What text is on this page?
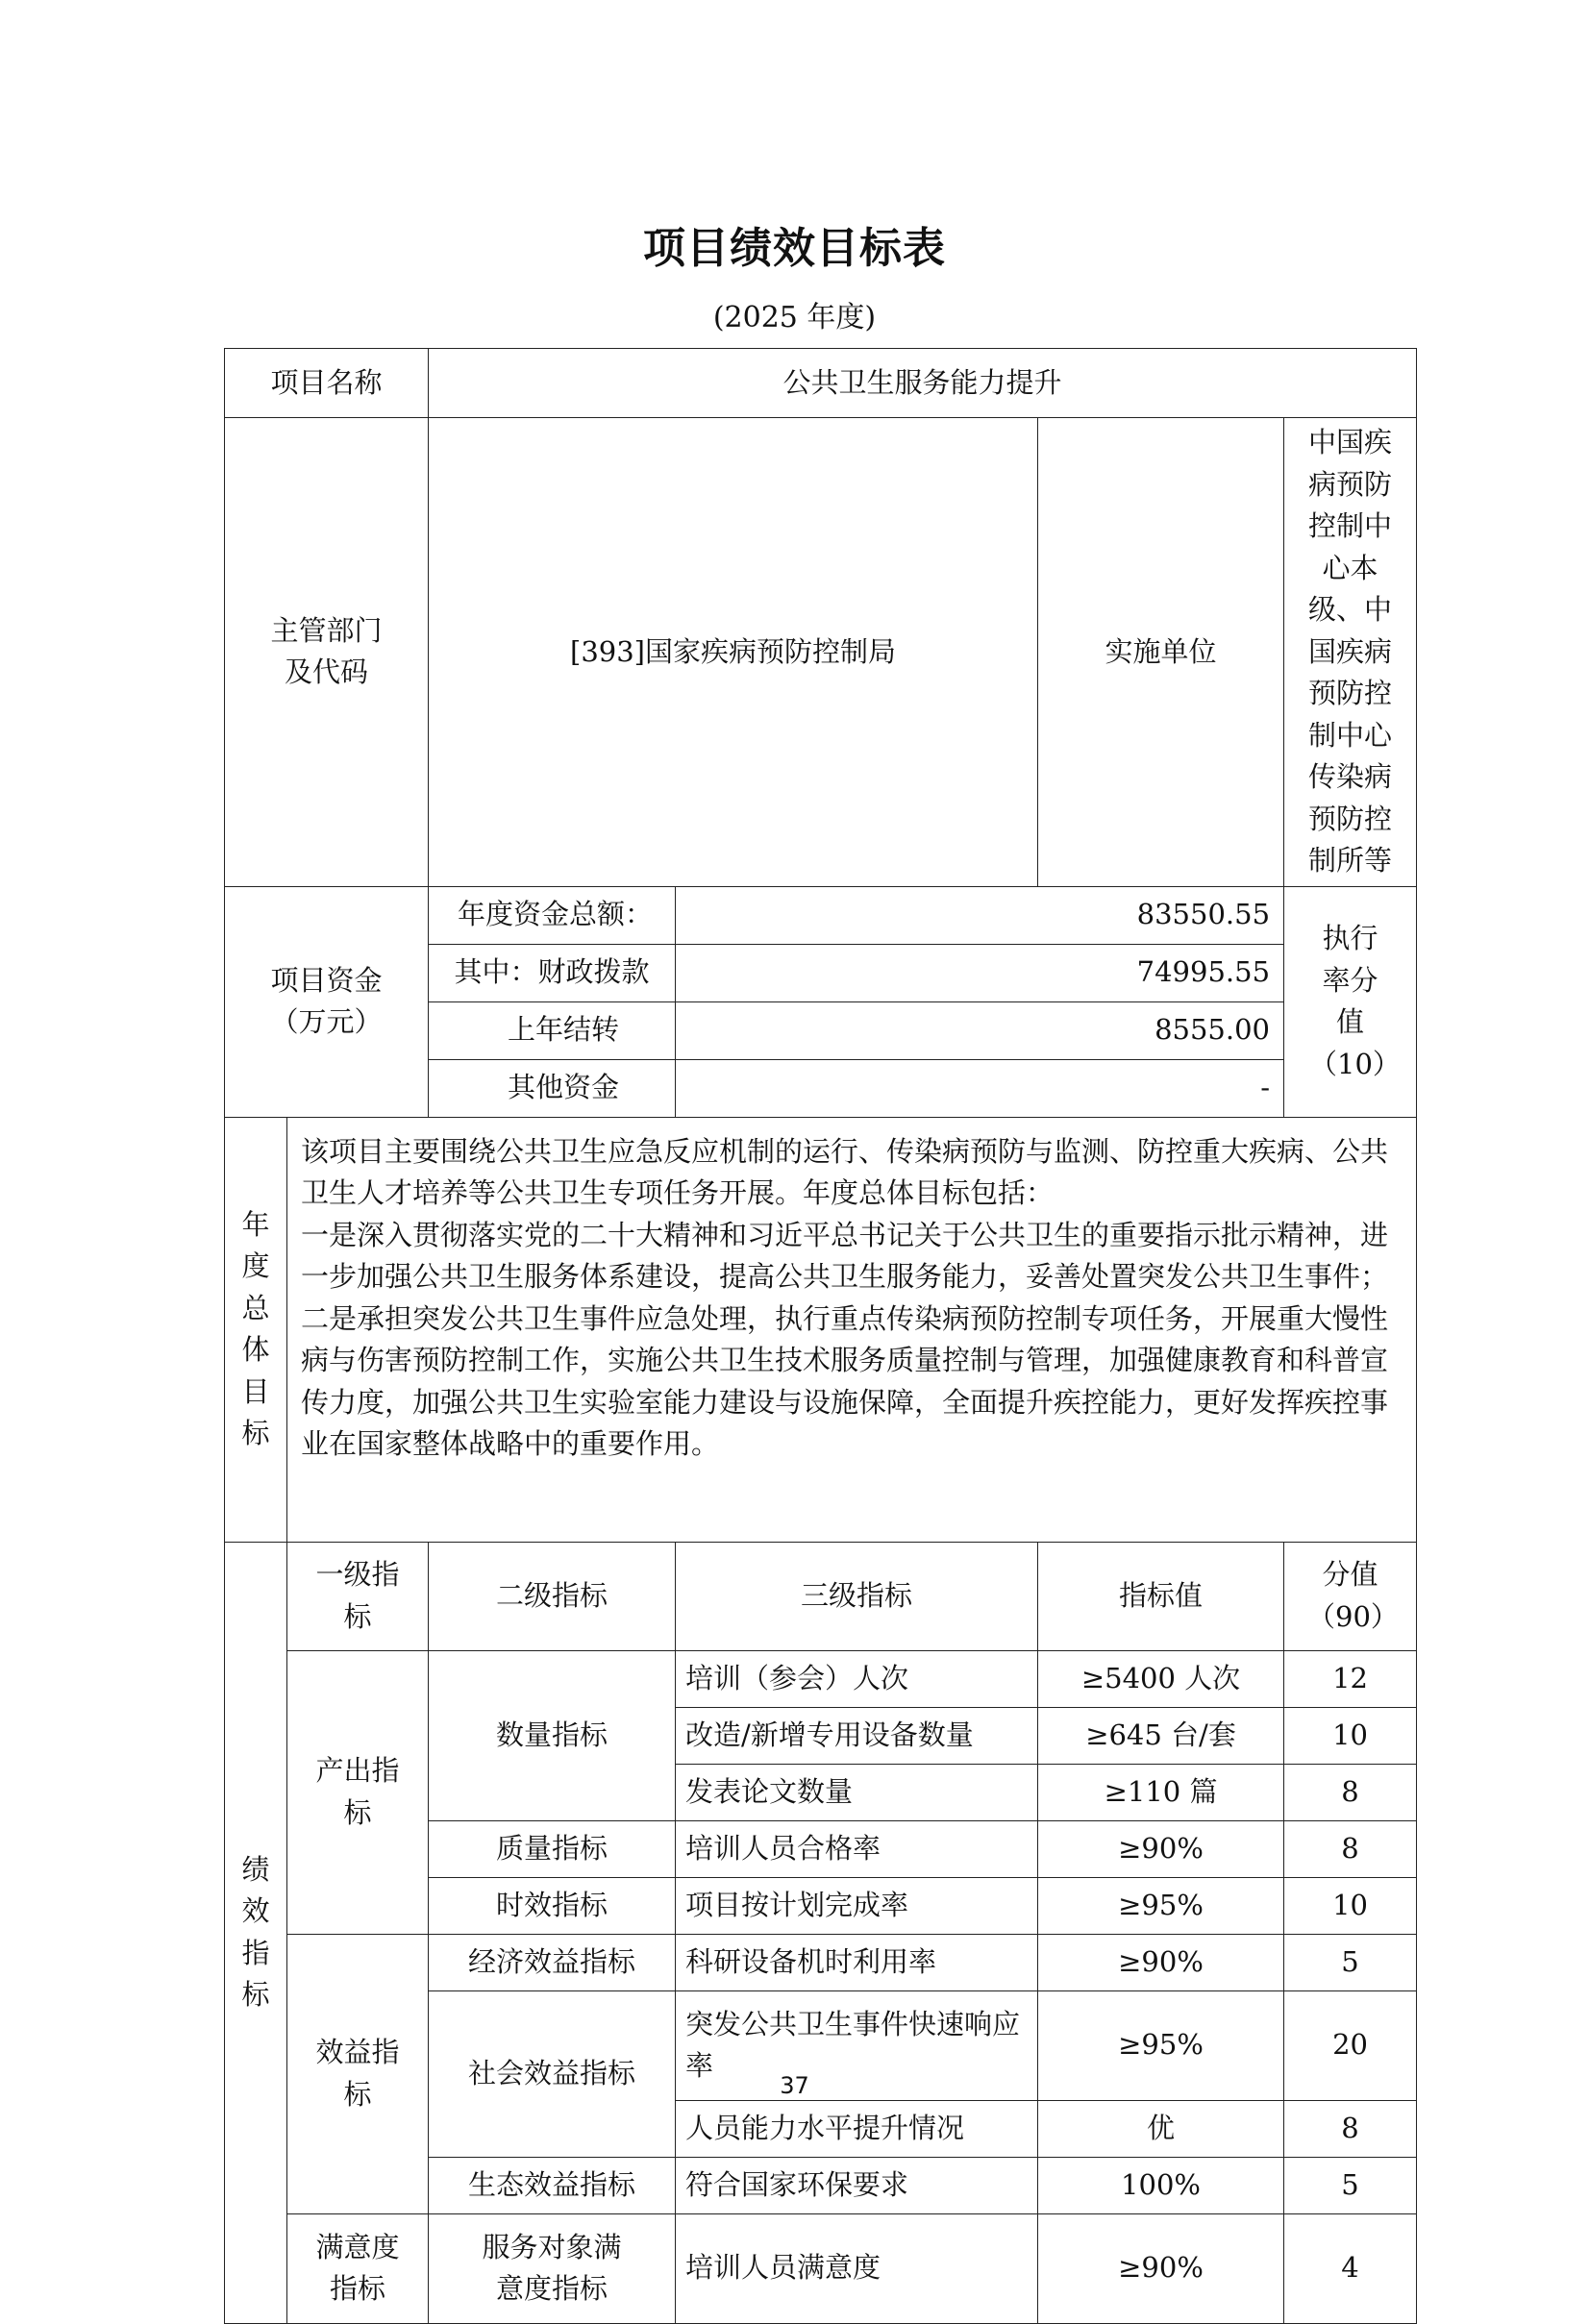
项目绩效目标表
(2025 年度)
项目名称		公共卫生服务能力提升			
主管部门及代码		[393]国家疾病预防控制局		实施单位	中国疾病预防控制中心本级、中国疾病预防控制中心传染病预防控制所等
项目资金（万元）		年度资金总额：	83550.55		执行率分值（10）
		其中：财政拨款	74995.55		
		上年结转	8555.00		
		其他资金	-		
年度总体目标	该项目主要围绕公共卫生应急反应机制的运行、传染病预防与监测、防控重大疾病、公共卫生人才培养等公共卫生专项任务开展。年度总体目标包括：

一是深入贯彻落实党的二十大精神和习近平总书记关于公共卫生的重要指示批示精神，进一步加强公共卫生服务体系建设，提高公共卫生服务能力，妥善处置突发公共卫生事件；

二是承担突发公共卫生事件应急处理，执行重点传染病预防控制专项任务，开展重大慢性病与伤害预防控制工作，实施公共卫生技术服务质量控制与管理，加强健康教育和科普宣传力度，加强公共卫生实验室能力建设与设施保障，全面提升疾控能力，更好发挥疾控事业在国家整体战略中的重要作用。				

绩效指标	一级指标	二级指标	三级指标	指标值	分值（90）
	产出指标	数量指标	培训（参会）人次	≥5400 人次	12
			改造/新增专用设备数量	≥645 台/套	10
			发表论文数量	≥110 篇	8
		质量指标	培训人员合格率	≥90%	8
		时效指标	项目按计划完成率	≥95%	10
	效益指标	经济效益指标	科研设备机时利用率	≥90%	5
		社会效益指标	突发公共卫生事件快速响应率	≥95%	20
			人员能力水平提升情况	优	8
		生态效益指标	符合国家环保要求	100%	5
	满意度指标	服务对象满意度指标	培训人员满意度	≥90%	4
37
